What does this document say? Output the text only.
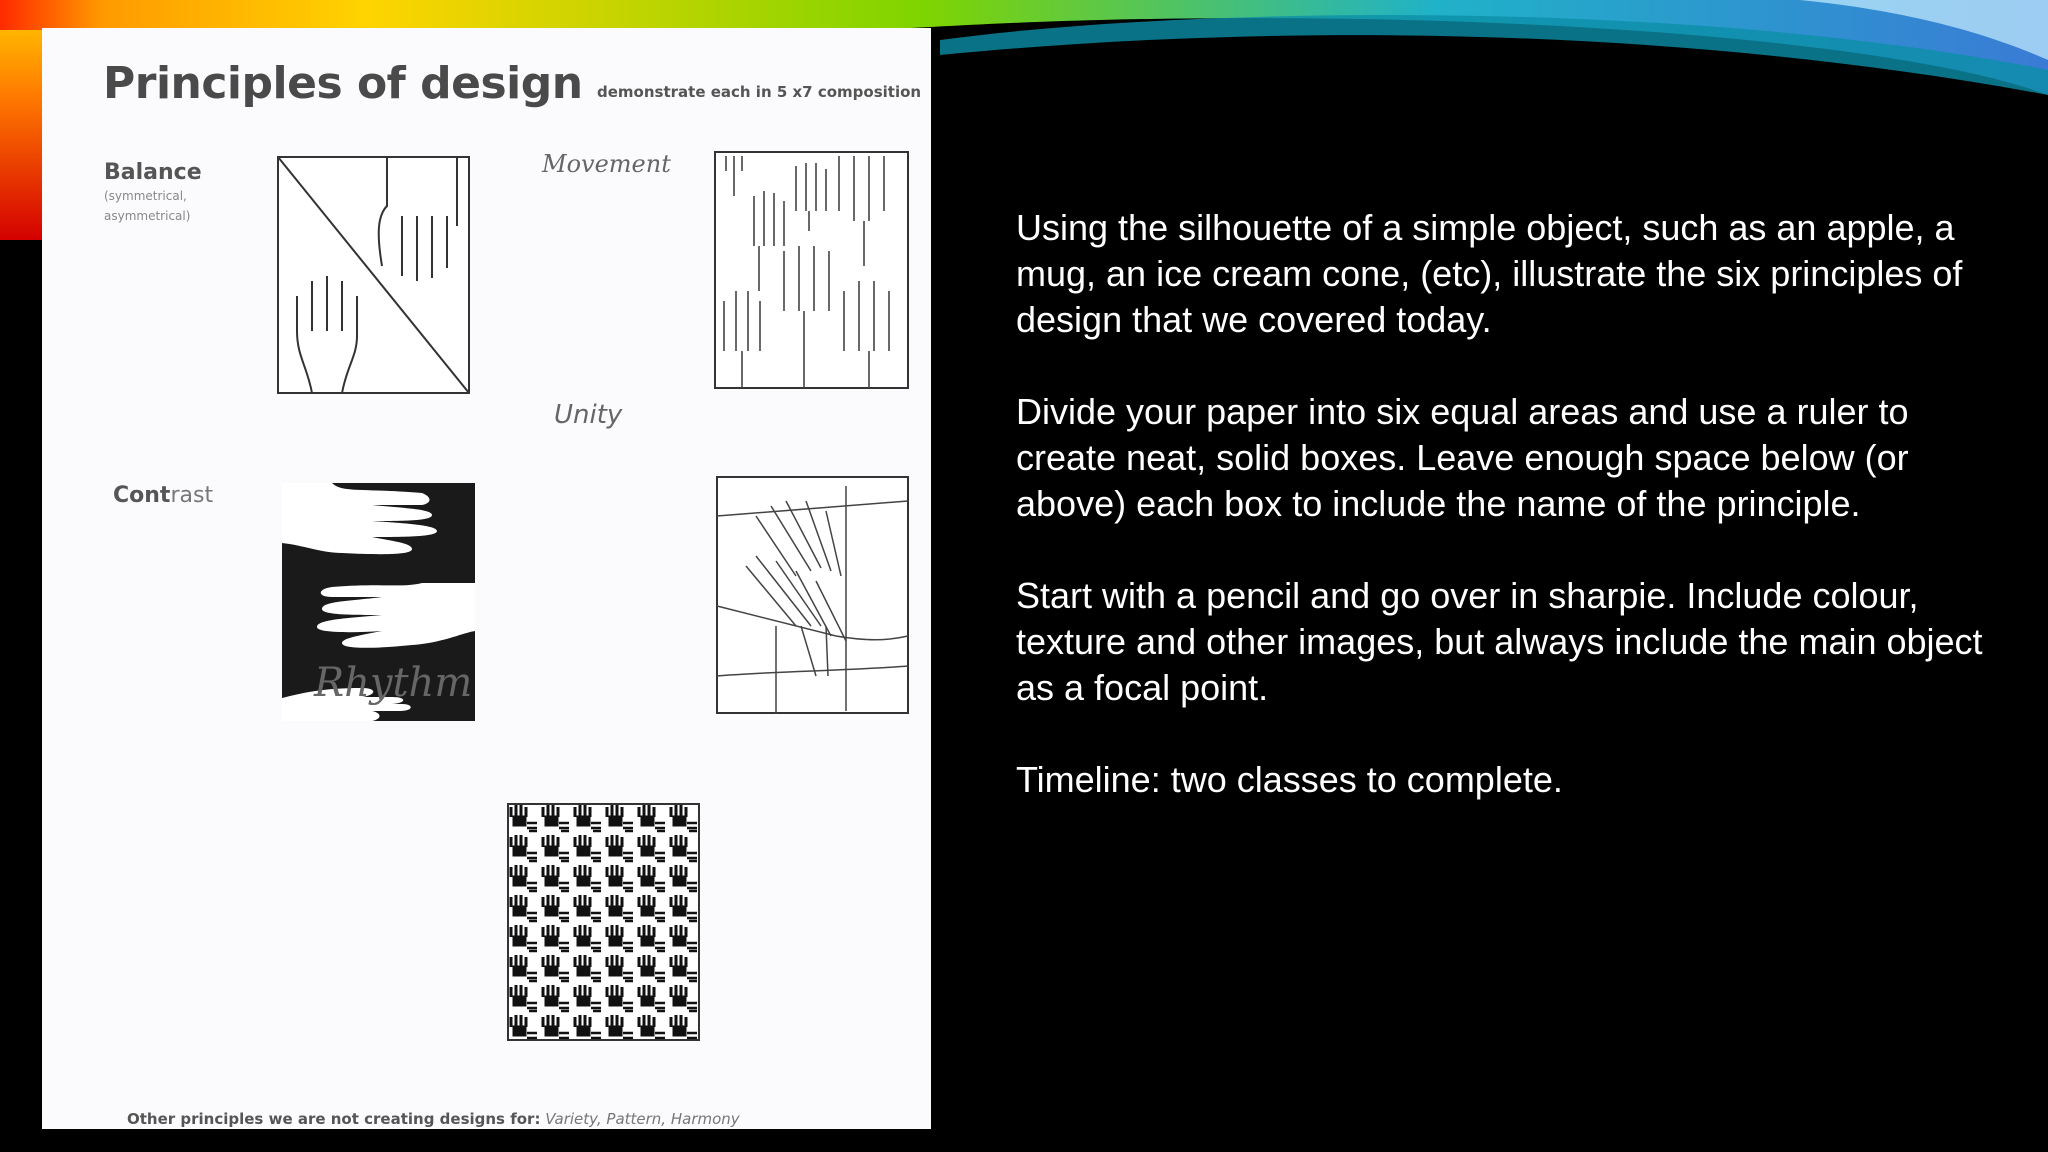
Principles of design demonstrate each in 5 x7 composition
Balance
(symmetrical,
asymmetrical)
Movement
Contrast
Unity
Rhythm
Other principles we are not creating designs for: Variety, Pattern, Harmony

Using the silhouette of a simple object, such as an apple, a mug, an ice cream cone, (etc), illustrate the six principles of design that we covered today.

Divide your paper into six equal areas and use a ruler to create neat, solid boxes. Leave enough space below (or above) each box to include the name of the principle.

Start with a pencil and go over in sharpie. Include colour, texture and other images, but always include the main object as a focal point.

Timeline: two classes to complete.
